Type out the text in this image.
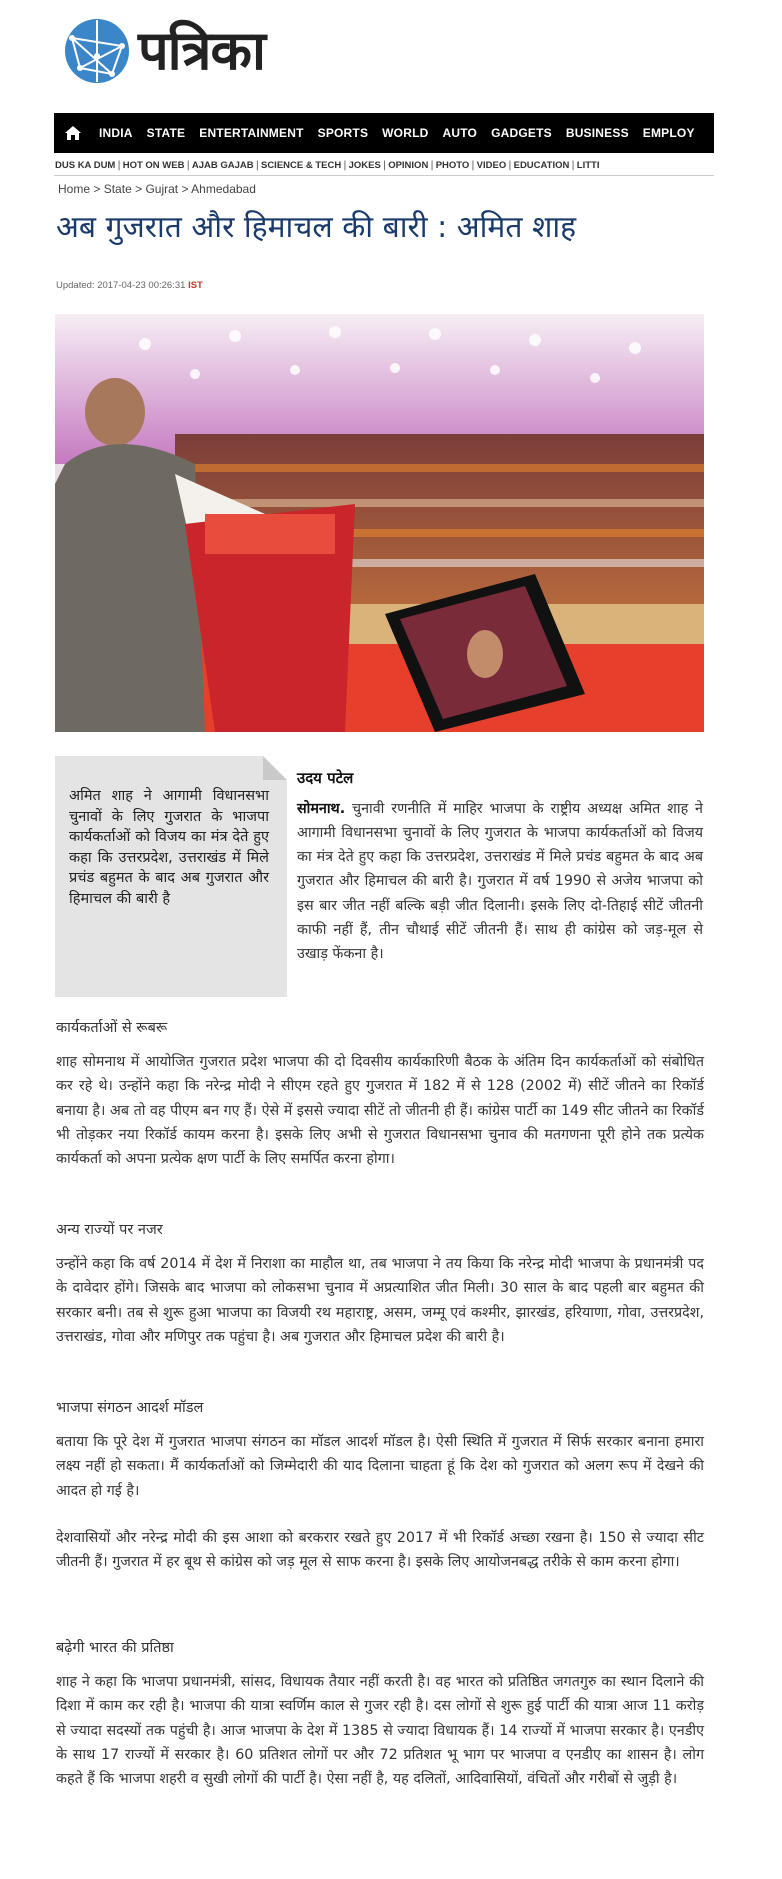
पत्रिका
INDIA	STATE	ENTERTAINMENT	SPORTS	WORLD	AUTO	GADGETS	BUSINESS	EMPLOY
DUS KA DUM | HOT ON WEB | AJAB GAJAB | SCIENCE & TECH | JOKES | OPINION | PHOTO | VIDEO | EDUCATION | LITTI
Home > State > Gujrat > Ahmedabad
अब गुजरात और हिमाचल की बारी : अमित शाह
Updated: 2017-04-23 00:26:31 IST

अमित शाह ने आगामी विधानसभा चुनावों के लिए गुजरात के भाजपा कार्यकर्ताओं को विजय का मंत्र देते हुए कहा कि उत्तरप्रदेश, उत्तराखंड में मिले प्रचंड बहुमत के बाद अब गुजरात और हिमाचल की बारी है

उदय पटेल

सोमनाथ. चुनावी रणनीति में माहिर भाजपा के राष्ट्रीय अध्यक्ष अमित शाह ने आगामी विधानसभा चुनावों के लिए गुजरात के भाजपा कार्यकर्ताओं को विजय का मंत्र देते हुए कहा कि उत्तरप्रदेश, उत्तराखंड में मिले प्रचंड बहुमत के बाद अब गुजरात और हिमाचल की बारी है। गुजरात में वर्ष 1990 से अजेय भाजपा को इस बार जीत नहीं बल्कि बड़ी जीत दिलानी। इसके लिए दो-तिहाई सीटें जीतनी काफी नहीं हैं, तीन चौथाई सीटें जीतनी हैं। साथ ही कांग्रेस को जड़-मूल से उखाड़ फेंकना है।

कार्यकर्ताओं से रूबरू

शाह सोमनाथ में आयोजित गुजरात प्रदेश भाजपा की दो दिवसीय कार्यकारिणी बैठक के अंतिम दिन कार्यकर्ताओं को संबोधित कर रहे थे। उन्होंने कहा कि नरेन्द्र मोदी ने सीएम रहते हुए गुजरात में 182 में से 128 (2002 में) सीटें जीतने का रिकॉर्ड बनाया है। अब तो वह पीएम बन गए हैं। ऐसे में इससे ज्यादा सीटें तो जीतनी ही हैं। कांग्रेस पार्टी का 149 सीट जीतने का रिकॉर्ड भी तोड़कर नया रिकॉर्ड कायम करना है। इसके लिए अभी से गुजरात विधानसभा चुनाव की मतगणना पूरी होने तक प्रत्येक कार्यकर्ता को अपना प्रत्येक क्षण पार्टी के लिए समर्पित करना होगा।

अन्य राज्यों पर नजर

उन्होंने कहा कि वर्ष 2014 में देश में निराशा का माहौल था, तब भाजपा ने तय किया कि नरेन्द्र मोदी भाजपा के प्रधानमंत्री पद के दावेदार होंगे। जिसके बाद भाजपा को लोकसभा चुनाव में अप्रत्याशित जीत मिली। 30 साल के बाद पहली बार बहुमत की सरकार बनी। तब से शुरू हुआ भाजपा का विजयी रथ महाराष्ट्र, असम, जम्मू एवं कश्मीर, झारखंड, हरियाणा, गोवा, उत्तरप्रदेश, उत्तराखंड, गोवा और मणिपुर तक पहुंचा है। अब गुजरात और हिमाचल प्रदेश की बारी है।

भाजपा संगठन आदर्श मॉडल

बताया कि पूरे देश में गुजरात भाजपा संगठन का मॉडल आदर्श मॉडल है। ऐसी स्थिति में गुजरात में सिर्फ सरकार बनाना हमारा लक्ष्य नहीं हो सकता। मैं कार्यकर्ताओं को जिम्मेदारी की याद दिलाना चाहता हूं कि देश को गुजरात को अलग रूप में देखने की आदत हो गई है।

देशवासियों और नरेन्द्र मोदी की इस आशा को बरकरार रखते हुए 2017 में भी रिकॉर्ड अच्छा रखना है। 150 से ज्यादा सीट जीतनी हैं। गुजरात में हर बूथ से कांग्रेस को जड़ मूल से साफ करना है। इसके लिए आयोजनबद्ध तरीके से काम करना होगा।

बढ़ेगी भारत की प्रतिष्ठा

शाह ने कहा कि भाजपा प्रधानमंत्री, सांसद, विधायक तैयार नहीं करती है। वह भारत को प्रतिष्ठित जगतगुरु का स्थान दिलाने की दिशा में काम कर रही है। भाजपा की यात्रा स्वर्णिम काल से गुजर रही है। दस लोगों से शुरू हुई पार्टी की यात्रा आज 11 करोड़ से ज्यादा सदस्यों तक पहुंची है। आज भाजपा के देश में 1385 से ज्यादा विधायक हैं। 14 राज्यों में भाजपा सरकार है। एनडीए के साथ 17 राज्यों में सरकार है। 60 प्रतिशत लोगों पर और 72 प्रतिशत भू भाग पर भाजपा व एनडीए का शासन है। लोग कहते हैं कि भाजपा शहरी व सुखी लोगों की पार्टी है। ऐसा नहीं है, यह दलितों, आदिवासियों, वंचितों और गरीबों से जुड़ी है।
